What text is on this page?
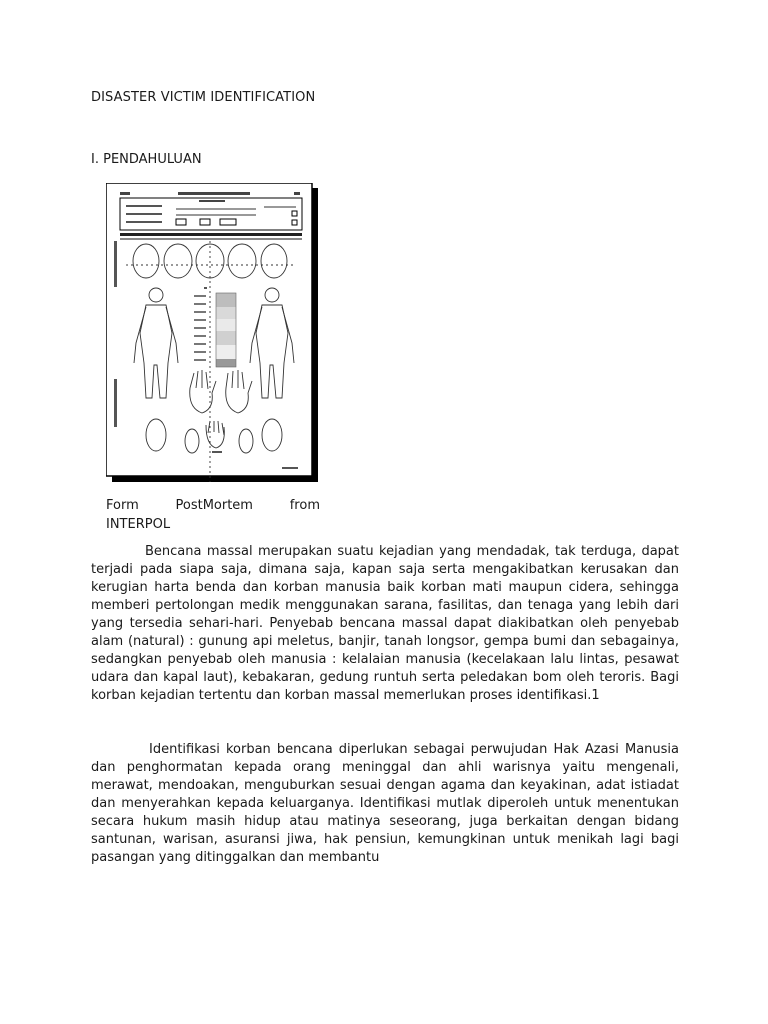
DISASTER VICTIM IDENTIFICATION
I. PENDAHULUAN
Form	PostMortem	from
INTERPOL

Bencana massal merupakan suatu kejadian yang mendadak, tak terduga, dapat terjadi pada siapa saja, dimana saja, kapan saja serta mengakibatkan kerusakan dan kerugian harta benda dan korban manusia baik korban mati maupun cidera, sehingga memberi pertolongan medik menggunakan sarana, fasilitas, dan tenaga yang lebih dari yang tersedia sehari-hari. Penyebab bencana massal dapat diakibatkan oleh penyebab alam (natural) : gunung api meletus, banjir, tanah longsor, gempa bumi dan sebagainya, sedangkan penyebab oleh manusia : kelalaian manusia (kecelakaan lalu lintas, pesawat udara dan kapal laut), kebakaran, gedung runtuh serta peledakan bom oleh teroris. Bagi korban kejadian tertentu dan korban massal memerlukan proses identifikasi.1

Identifikasi korban bencana diperlukan sebagai perwujudan Hak Azasi Manusia dan penghormatan kepada orang meninggal dan ahli warisnya yaitu mengenali, merawat, mendoakan, menguburkan sesuai dengan agama dan keyakinan, adat istiadat dan menyerahkan kepada keluarganya. Identifikasi mutlak diperoleh untuk menentukan secara hukum masih hidup atau matinya seseorang, juga berkaitan dengan bidang santunan, warisan, asuransi jiwa, hak pensiun, kemungkinan untuk menikah lagi bagi pasangan yang ditinggalkan dan membantu
